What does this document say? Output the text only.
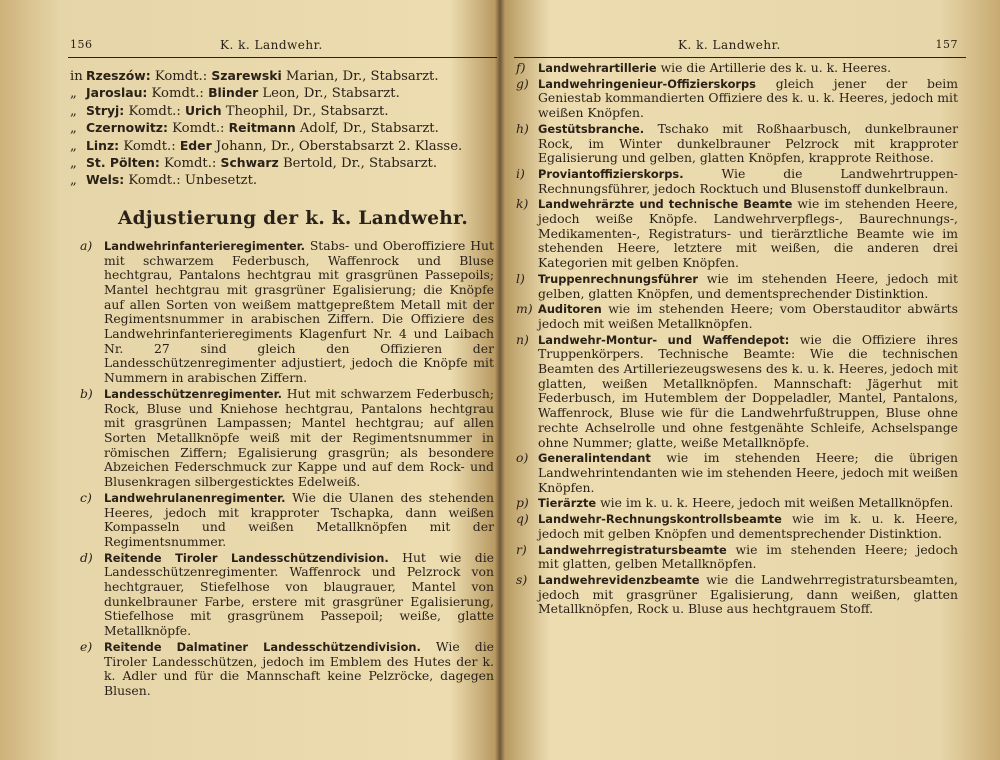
156	K. k. Landwehr.
in Rzeszów: Komdt.: Szarewski Marian, Dr., Stabsarzt.
„ Jaroslau: Komdt.: Blinder Leon, Dr., Stabsarzt.
„ Stryj: Komdt.: Urich Theophil, Dr., Stabsarzt.
„ Czernowitz: Komdt.: Reitmann Adolf, Dr., Stabsarzt.
„ Linz: Komdt.: Eder Johann, Dr., Oberstabsarzt 2. Klasse.
„ St. Pölten: Komdt.: Schwarz Bertold, Dr., Stabsarzt.
„ Wels: Komdt.: Unbesetzt.
Adjustierung der k. k. Landwehr.

a) Landwehrinfanterieregimenter. Stabs- und Oberoffiziere Hut mit schwarzem Federbusch, Waffenrock und Bluse hechtgrau, Pantalons hechtgrau mit grasgrünen Passepoils; Mantel hechtgrau mit grasgrüner Egalisierung; die Knöpfe auf allen Sorten von weißem mattgepreßtem Metall mit der Regimentsnummer in arabischen Ziffern. Die Offiziere des Landwehrinfanterieregiments Klagenfurt Nr. 4 und Laibach Nr. 27 sind gleich den Offizieren der Landesschützenregimenter adjustiert, jedoch die Knöpfe mit Nummern in arabischen Ziffern.

b) Landesschützenregimenter. Hut mit schwarzem Federbusch; Rock, Bluse und Kniehose hechtgrau, Pantalons hechtgrau mit grasgrünen Lampassen; Mantel hechtgrau; auf allen Sorten Metallknöpfe weiß mit der Regimentsnummer in römischen Ziffern; Egalisierung grasgrün; als besondere Abzeichen Federschmuck zur Kappe und auf dem Rock- und Blusenkragen silbergesticktes Edelweiß.

c) Landwehrulanenregimenter. Wie die Ulanen des stehenden Heeres, jedoch mit krapproter Tschapka, dann weißen Kompasseln und weißen Metallknöpfen mit der Regimentsnummer.

d) Reitende Tiroler Landesschützendivision. Hut wie die Landesschützenregimenter. Waffenrock und Pelzrock von hechtgrauer, Stiefelhose von blaugrauer, Mantel von dunkelbrauner Farbe, erstere mit grasgrüner Egalisierung, Stiefelhose mit grasgrünem Passepoil; weiße, glatte Metallknöpfe.

e) Reitende Dalmatiner Landesschützendivision. Wie die Tiroler Landesschützen, jedoch im Emblem des Hutes der k. k. Adler und für die Mannschaft keine Pelzröcke, dagegen Blusen.

K. k. Landwehr.	157

f) Landwehrartillerie wie die Artillerie des k. u. k. Heeres.

g) Landwehringenieur-Offizierskorps gleich jener der beim Geniestab kommandierten Offiziere des k. u. k. Heeres, jedoch mit weißen Knöpfen.

h) Gestütsbranche. Tschako mit Roßhaarbusch, dunkelbrauner Rock, im Winter dunkelbrauner Pelzrock mit krapproter Egalisierung und gelben, glatten Knöpfen, krapprote Reithose.

i) Proviantoffizierskorps. Wie die Landwehrtruppen-Rechnungsführer, jedoch Rocktuch und Blusenstoff dunkelbraun.

k) Landwehrärzte und technische Beamte wie im stehenden Heere, jedoch weiße Knöpfe. Landwehrverpflegs-, Baurechnungs-, Medikamenten-, Registraturs- und tierärztliche Beamte wie im stehenden Heere, letztere mit weißen, die anderen drei Kategorien mit gelben Knöpfen.

l) Truppenrechnungsführer wie im stehenden Heere, jedoch mit gelben, glatten Knöpfen, und dementsprechender Distinktion.

m) Auditoren wie im stehenden Heere; vom Oberstauditor abwärts jedoch mit weißen Metallknöpfen.

n) Landwehr-Montur- und Waffendepot: wie die Offiziere ihres Truppenkörpers. Technische Beamte: Wie die technischen Beamten des Artilleriezeugswesens des k. u. k. Heeres, jedoch mit glatten, weißen Metallknöpfen. Mannschaft: Jägerhut mit Federbusch, im Hutemblem der Doppeladler, Mantel, Pantalons, Waffenrock, Bluse wie für die Landwehrfußtruppen, Bluse ohne rechte Achselrolle und ohne festgenähte Schleife, Achselspange ohne Nummer; glatte, weiße Metallknöpfe.

o) Generalintendant wie im stehenden Heere; die übrigen Landwehrintendanten wie im stehenden Heere, jedoch mit weißen Knöpfen.

p) Tierärzte wie im k. u. k. Heere, jedoch mit weißen Metallknöpfen.

q) Landwehr-Rechnungskontrollsbeamte wie im k. u. k. Heere, jedoch mit gelben Knöpfen und dementsprechender Distinktion.

r) Landwehrregistratursbeamte wie im stehenden Heere; jedoch mit glatten, gelben Metallknöpfen.

s) Landwehrevidenzbeamte wie die Landwehrregistratursbeamten, jedoch mit grasgrüner Egalisierung, dann weißen, glatten Metallknöpfen, Rock u. Bluse aus hechtgrauem Stoff.
